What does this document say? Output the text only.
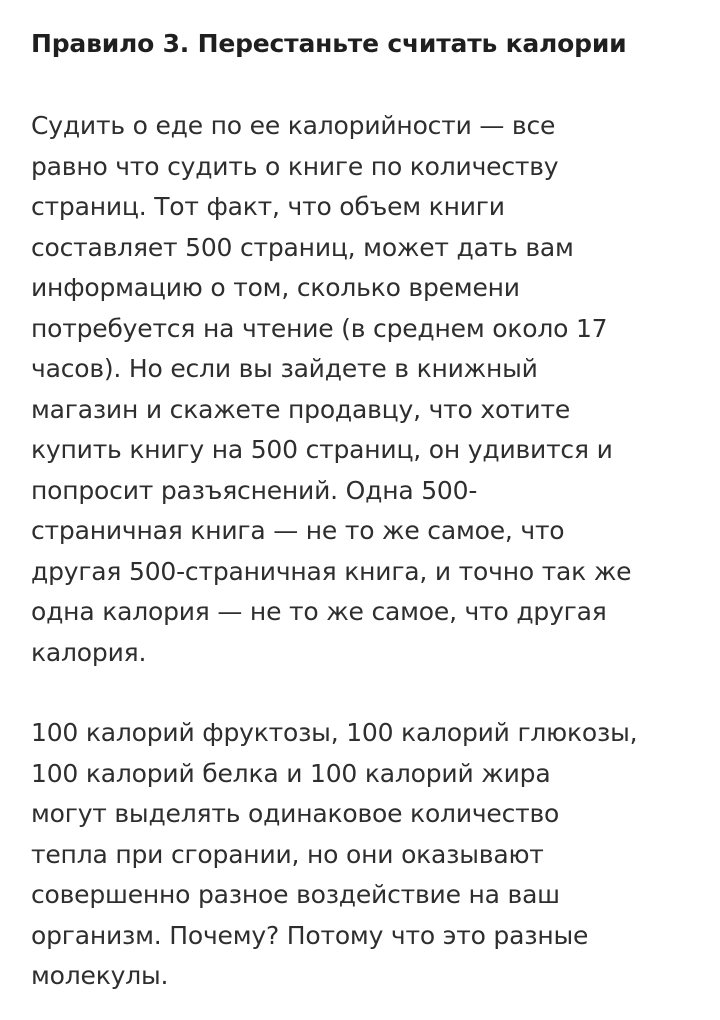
Правило 3. Перестаньте считать калории

Судить о еде по ее калорийности — все
равно что судить о книге по количеству
страниц. Тот факт, что объем книги
составляет 500 страниц, может дать вам
информацию о том, сколько времени
потребуется на чтение (в среднем около 17
часов). Но если вы зайдете в книжный
магазин и скажете продавцу, что хотите
купить книгу на 500 страниц, он удивится и
попросит разъяснений. Одна 500-
страничная книга — не то же самое, что
другая 500-страничная книга, и точно так же
одна калория — не то же самое, что другая
калория.

100 калорий фруктозы, 100 калорий глюкозы,
100 калорий белка и 100 калорий жира
могут выделять одинаковое количество
тепла при сгорании, но они оказывают
совершенно разное воздействие на ваш
организм. Почему? Потому что это разные
молекулы.
